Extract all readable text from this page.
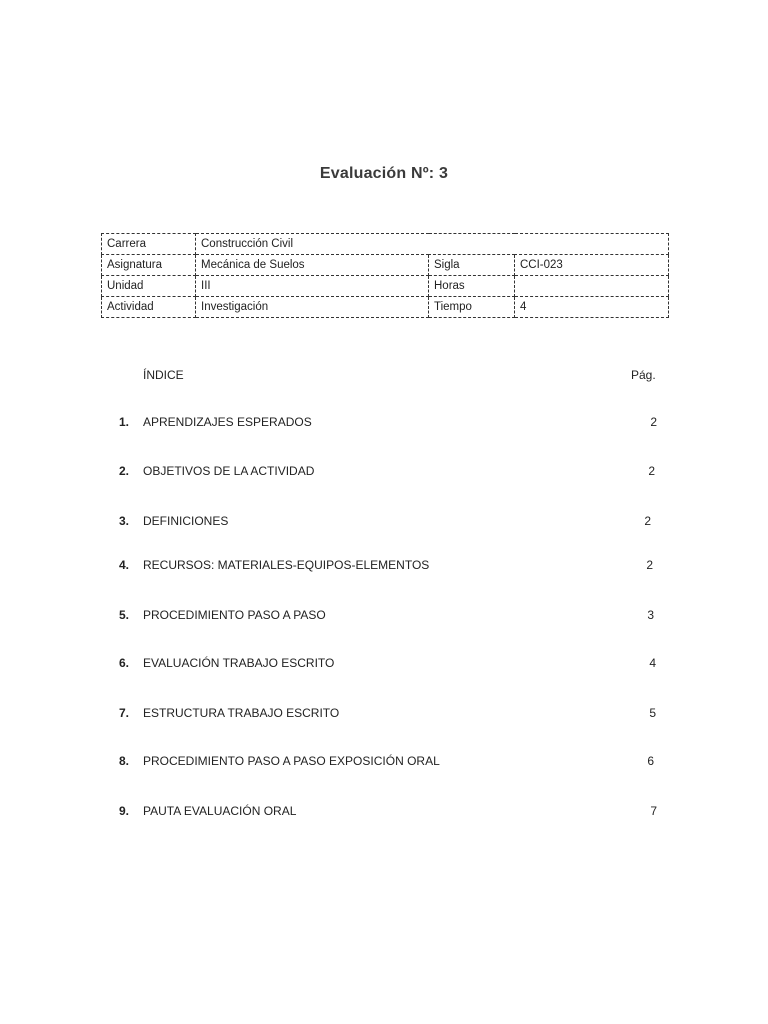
Evaluación Nº: 3
Carrera	Construcción Civil		
Asignatura	Mecánica de Suelos	Sigla	CCI-023
Unidad	III	Horas	
Actividad	Investigación	Tiempo	4
ÍNDICE	Pág.
1. APRENDIZAJES ESPERADOS	2
2. OBJETIVOS DE LA ACTIVIDAD	2
3. DEFINICIONES	2
4. RECURSOS: MATERIALES-EQUIPOS-ELEMENTOS	2
5. PROCEDIMIENTO PASO A PASO	3
6. EVALUACIÓN TRABAJO ESCRITO	4
7. ESTRUCTURA TRABAJO ESCRITO	5
8. PROCEDIMIENTO PASO A PASO EXPOSICIÓN ORAL	6
9. PAUTA EVALUACIÓN ORAL	7
